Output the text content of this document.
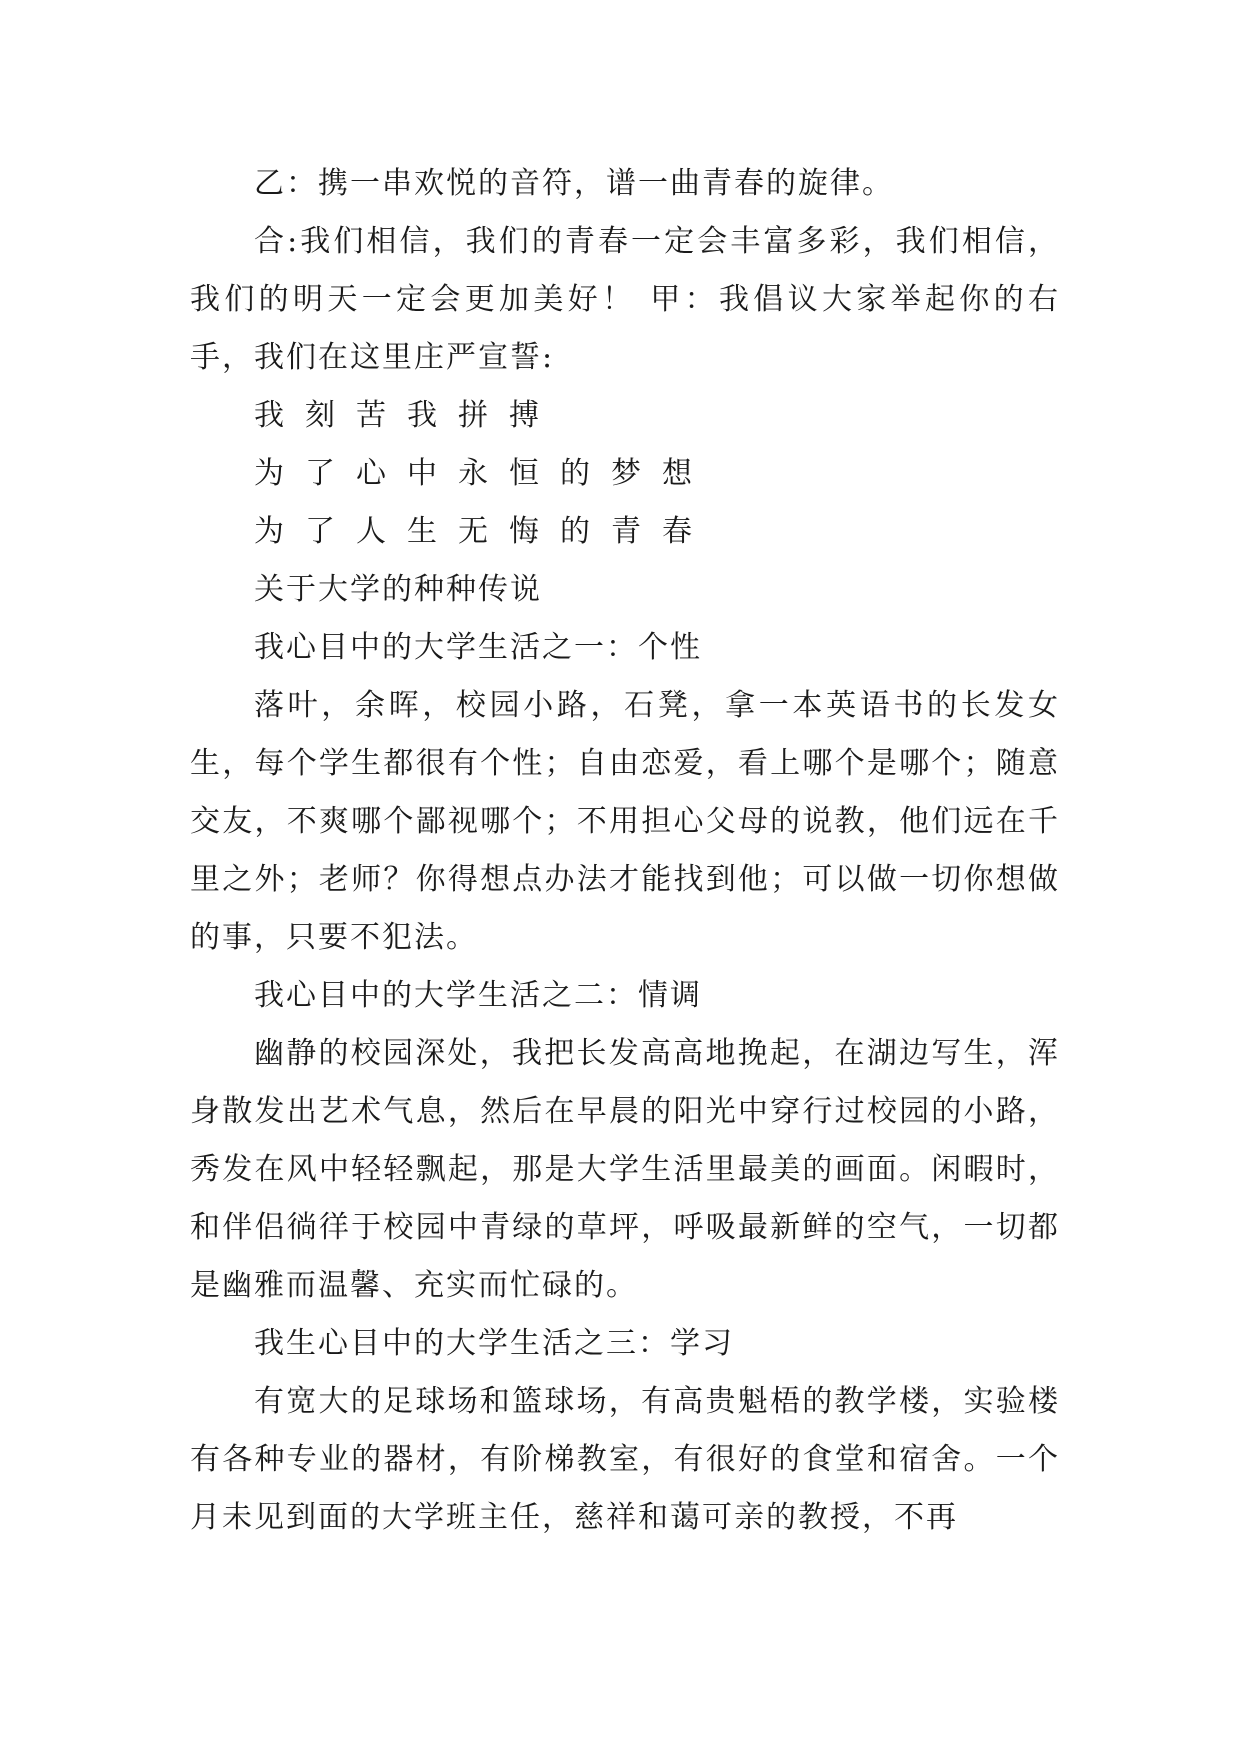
乙：携一串欢悦的音符，谱一曲青春的旋律。

合:我们相信，我们的青春一定会丰富多彩，我们相信，我们的明天一定会更加美好！ 甲：我倡议大家举起你的右手，我们在这里庄严宣誓:

我刻苦我拼搏

为了心中永恒的梦想

为了人生无悔的青春

关于大学的种种传说

我心目中的大学生活之一：个性

落叶，余晖，校园小路，石凳，拿一本英语书的长发女生，每个学生都很有个性；自由恋爱，看上哪个是哪个；随意交友，不爽哪个鄙视哪个；不用担心父母的说教，他们远在千里之外；老师？你得想点办法才能找到他；可以做一切你想做的事，只要不犯法。

我心目中的大学生活之二：情调

幽静的校园深处，我把长发高高地挽起，在湖边写生，浑身散发出艺术气息，然后在早晨的阳光中穿行过校园的小路，秀发在风中轻轻飘起，那是大学生活里最美的画面。闲暇时，和伴侣徜徉于校园中青绿的草坪，呼吸最新鲜的空气，一切都是幽雅而温馨、充实而忙碌的。

我生心目中的大学生活之三：学习

有宽大的足球场和篮球场，有高贵魁梧的教学楼，实验楼有各种专业的器材，有阶梯教室，有很好的食堂和宿舍。一个月未见到面的大学班主任，慈祥和蔼可亲的教授，不再
